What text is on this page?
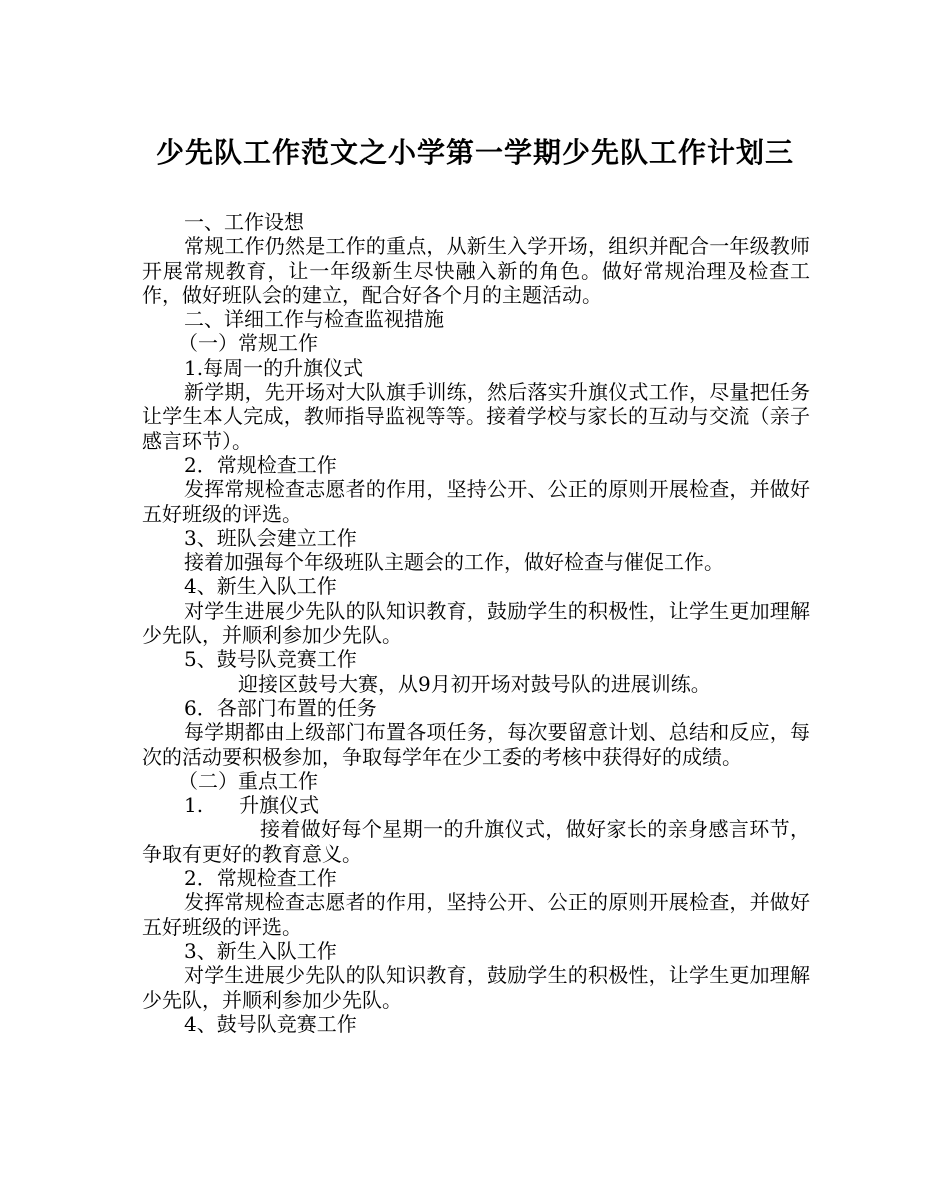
少先队工作范文之小学第一学期少先队工作计划三

一、工作设想

常规工作仍然是工作的重点，从新生入学开场，组织并配合一年级教师开展常规教育，让一年级新生尽快融入新的角色。做好常规治理及检查工作，做好班队会的建立，配合好各个月的主题活动。

二、详细工作与检查监视措施

（一）常规工作

1.每周一的升旗仪式

新学期，先开场对大队旗手训练，然后落实升旗仪式工作，尽量把任务让学生本人完成，教师指导监视等等。接着学校与家长的互动与交流（亲子感言环节）。

2．常规检查工作

发挥常规检查志愿者的作用，坚持公开、公正的原则开展检查，并做好五好班级的评选。

3、班队会建立工作

接着加强每个年级班队主题会的工作，做好检查与催促工作。

4、新生入队工作

对学生进展少先队的队知识教育，鼓励学生的积极性，让学生更加理解少先队，并顺利参加少先队。

5、鼓号队竞赛工作

迎接区鼓号大赛，从9月初开场对鼓号队的进展训练。

6．各部门布置的任务

每学期都由上级部门布置各项任务，每次要留意计划、总结和反应，每次的活动要积极参加，争取每学年在少工委的考核中获得好的成绩。

（二）重点工作

1. 升旗仪式

接着做好每个星期一的升旗仪式，做好家长的亲身感言环节，争取有更好的教育意义。

2．常规检查工作

发挥常规检查志愿者的作用，坚持公开、公正的原则开展检查，并做好五好班级的评选。

3、新生入队工作

对学生进展少先队的队知识教育，鼓励学生的积极性，让学生更加理解少先队，并顺利参加少先队。

4、鼓号队竞赛工作
